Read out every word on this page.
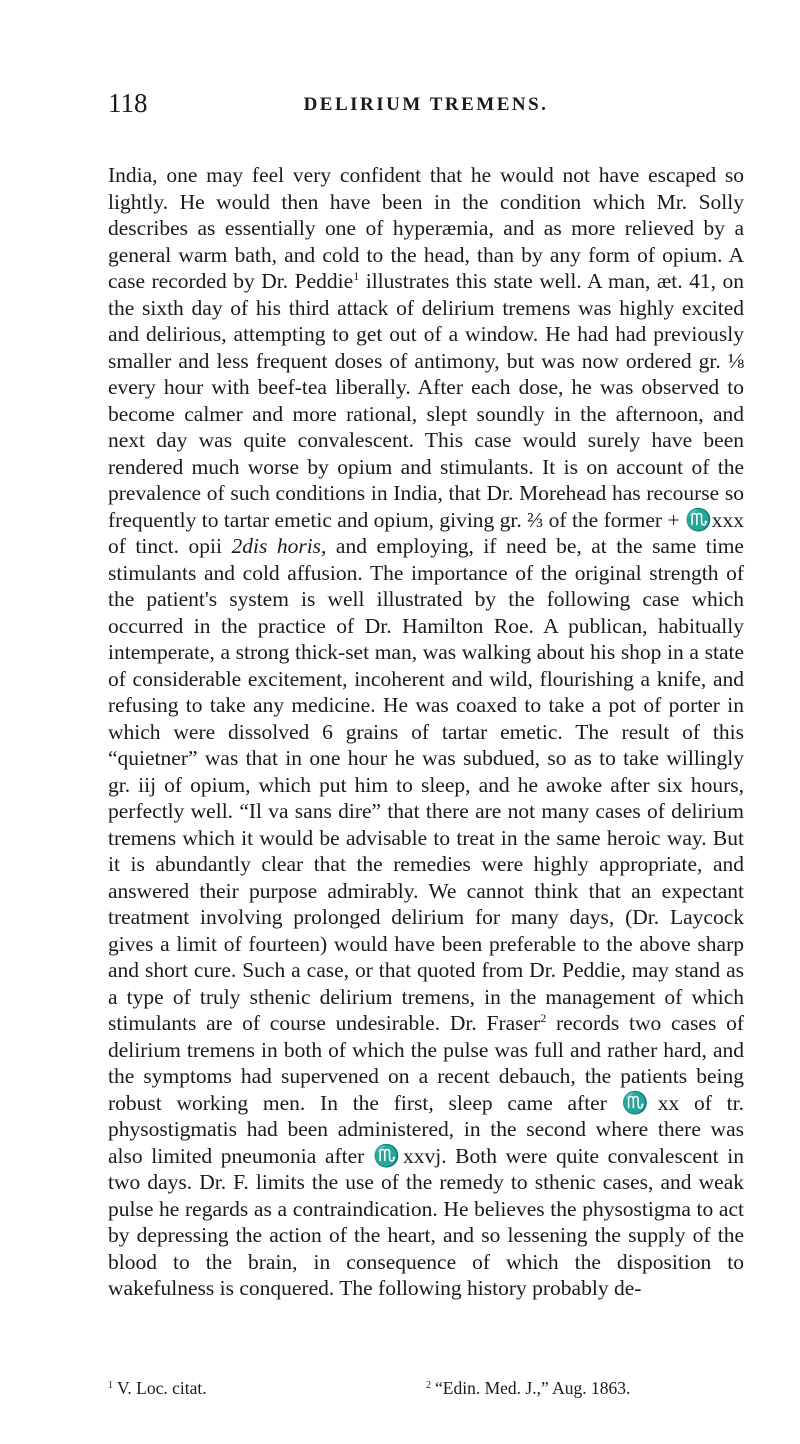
118	DELIRIUM TREMENS.

India, one may feel very confident that he would not have escaped so lightly. He would then have been in the condition which Mr. Solly describes as essentially one of hyperæmia, and as more relieved by a general warm bath, and cold to the head, than by any form of opium. A case recorded by Dr. Peddie$^1$ illustrates this state well. A man, æt. 41, on the sixth day of his third attack of delirium tremens was highly excited and delirious, attempting to get out of a window. He had had previously smaller and less frequent doses of antimony, but was now ordered gr. ⅛ every hour with beef-tea liberally. After each dose, he was observed to become calmer and more rational, slept soundly in the afternoon, and next day was quite convalescent. This case would surely have been rendered much worse by opium and stimulants. It is on account of the prevalence of such conditions in India, that Dr. Morehead has recourse so frequently to tartar emetic and opium, giving gr. ⅔ of the former + ♏xxx of tinct. opii 2dis horis, and employing, if need be, at the same time stimulants and cold affusion. The importance of the original strength of the patient's system is well illustrated by the following case which occurred in the practice of Dr. Hamilton Roe. A publican, habitually intemperate, a strong thick-set man, was walking about his shop in a state of considerable excitement, incoherent and wild, flourishing a knife, and refusing to take any medicine. He was coaxed to take a pot of porter in which were dissolved 6 grains of tartar emetic. The result of this “quietner” was that in one hour he was subdued, so as to take willingly gr. iij of opium, which put him to sleep, and he awoke after six hours, perfectly well. “Il va sans dire” that there are not many cases of delirium tremens which it would be advisable to treat in the same heroic way. But it is abundantly clear that the remedies were highly appropriate, and answered their purpose admirably. We cannot think that an expectant treatment involving prolonged delirium for many days, (Dr. Laycock gives a limit of fourteen) would have been preferable to the above sharp and short cure. Such a case, or that quoted from Dr. Peddie, may stand as a type of truly sthenic delirium tremens, in the management of which stimulants are of course undesirable. Dr. Fraser$^2$ records two cases of delirium tremens in both of which the pulse was full and rather hard, and the symptoms had supervened on a recent debauch, the patients being robust working men. In the first, sleep came after ♏xx of tr. physostigmatis had been administered, in the second where there was also limited pneumonia after ♏xxvj. Both were quite convalescent in two days. Dr. F. limits the use of the remedy to sthenic cases, and weak pulse he regards as a contraindication. He believes the physostigma to act by depressing the action of the heart, and so lessening the supply of the blood to the brain, in consequence of which the disposition to wakefulness is conquered. The following history probably de-

$^1$ V. Loc. citat.	$^2$ “Edin. Med. J.,” Aug. 1863.
